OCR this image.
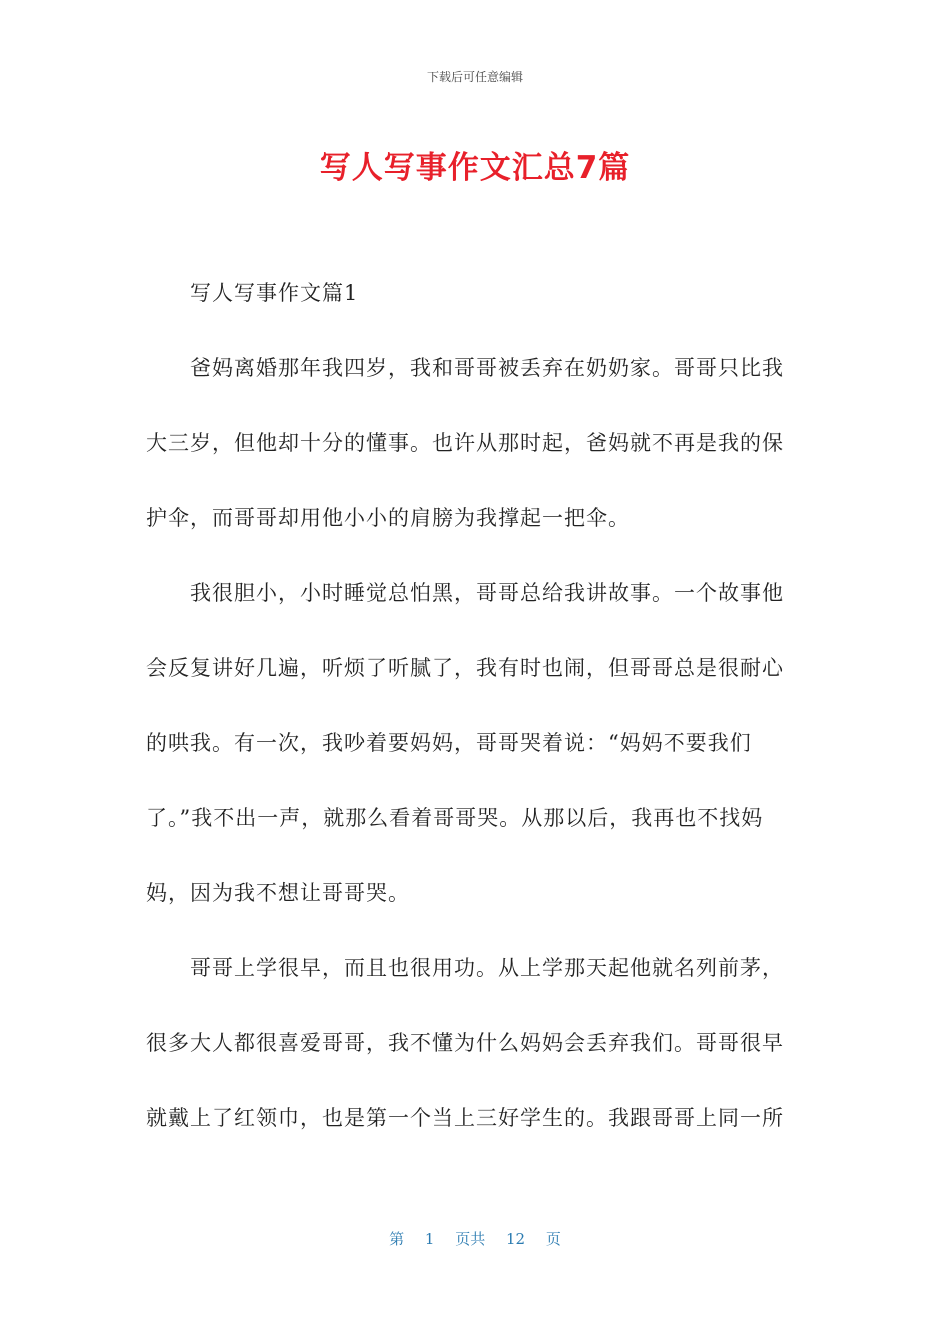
下载后可任意编辑
写人写事作文汇总7篇

写人写事作文篇1

爸妈离婚那年我四岁，我和哥哥被丢弃在奶奶家。哥哥只比我大三岁，但他却十分的懂事。也许从那时起，爸妈就不再是我的保护伞，而哥哥却用他小小的肩膀为我撑起一把伞。

我很胆小，小时睡觉总怕黑，哥哥总给我讲故事。一个故事他会反复讲好几遍，听烦了听腻了，我有时也闹，但哥哥总是很耐心的哄我。有一次，我吵着要妈妈，哥哥哭着说：“妈妈不要我们了。”我不出一声，就那么看着哥哥哭。从那以后，我再也不找妈妈，因为我不想让哥哥哭。

哥哥上学很早，而且也很用功。从上学那天起他就名列前茅，很多大人都很喜爱哥哥，我不懂为什么妈妈会丢弃我们。哥哥很早就戴上了红领巾，也是第一个当上三好学生的。我跟哥哥上同一所

第 1 页共 12 页
